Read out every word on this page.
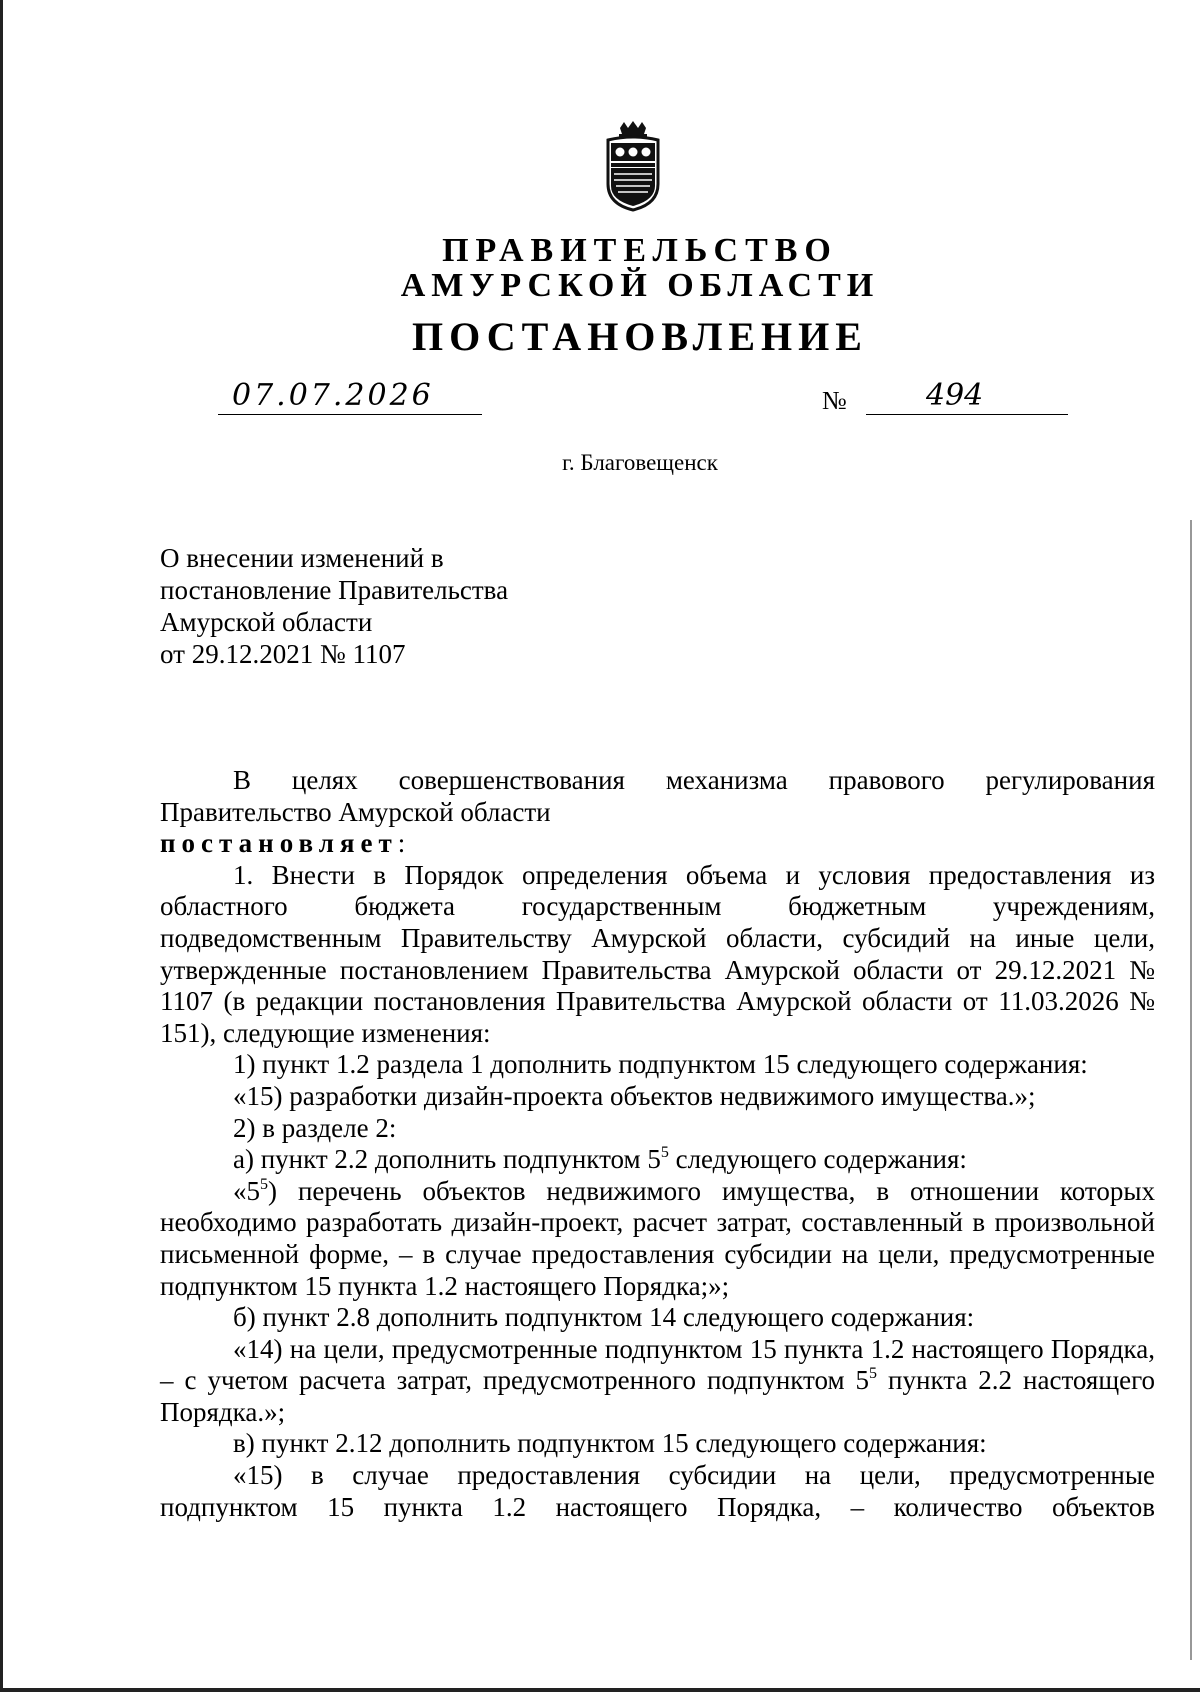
ПРАВИТЕЛЬСТВО
АМУРСКОЙ ОБЛАСТИ
ПОСТАНОВЛЕНИЕ
07.07.2026	№	494
г. Благовещенск
О внесении изменений в
постановление Правительства
Амурской области
от 29.12.2021 № 1107
В целях совершенствования механизма правового регулирования
Правительство Амурской области
постановляет:
1. Внести в Порядок определения объема и условия предоставления из
областного бюджета государственным бюджетным учреждениям,
подведомственным Правительству Амурской области, субсидий на иные цели, утвержденные постановлением Правительства Амурской области от 29.12.2021 № 1107 (в редакции постановления Правительства Амурской области от 11.03.2026 № 151), следующие изменения:
1) пункт 1.2 раздела 1 дополнить подпунктом 15 следующего содержания:
«15) разработки дизайн-проекта объектов недвижимого имущества.»;
2) в разделе 2:
а) пункт 2.2 дополнить подпунктом $5^5$ следующего содержания:
«$5^5$) перечень объектов недвижимого имущества, в отношении которых необходимо разработать дизайн-проект, расчет затрат, составленный в произвольной письменной форме, – в случае предоставления субсидии на цели, предусмотренные подпунктом 15 пункта 1.2 настоящего Порядка;»;
б) пункт 2.8 дополнить подпунктом 14 следующего содержания:
«14) на цели, предусмотренные подпунктом 15 пункта 1.2 настоящего Порядка, – с учетом расчета затрат, предусмотренного подпунктом $5^5$ пункта 2.2 настоящего Порядка.»;
в) пункт 2.12 дополнить подпунктом 15 следующего содержания:
«15) в случае предоставления субсидии на цели, предусмотренные
подпунктом 15 пункта 1.2 настоящего Порядка, – количество объектов
